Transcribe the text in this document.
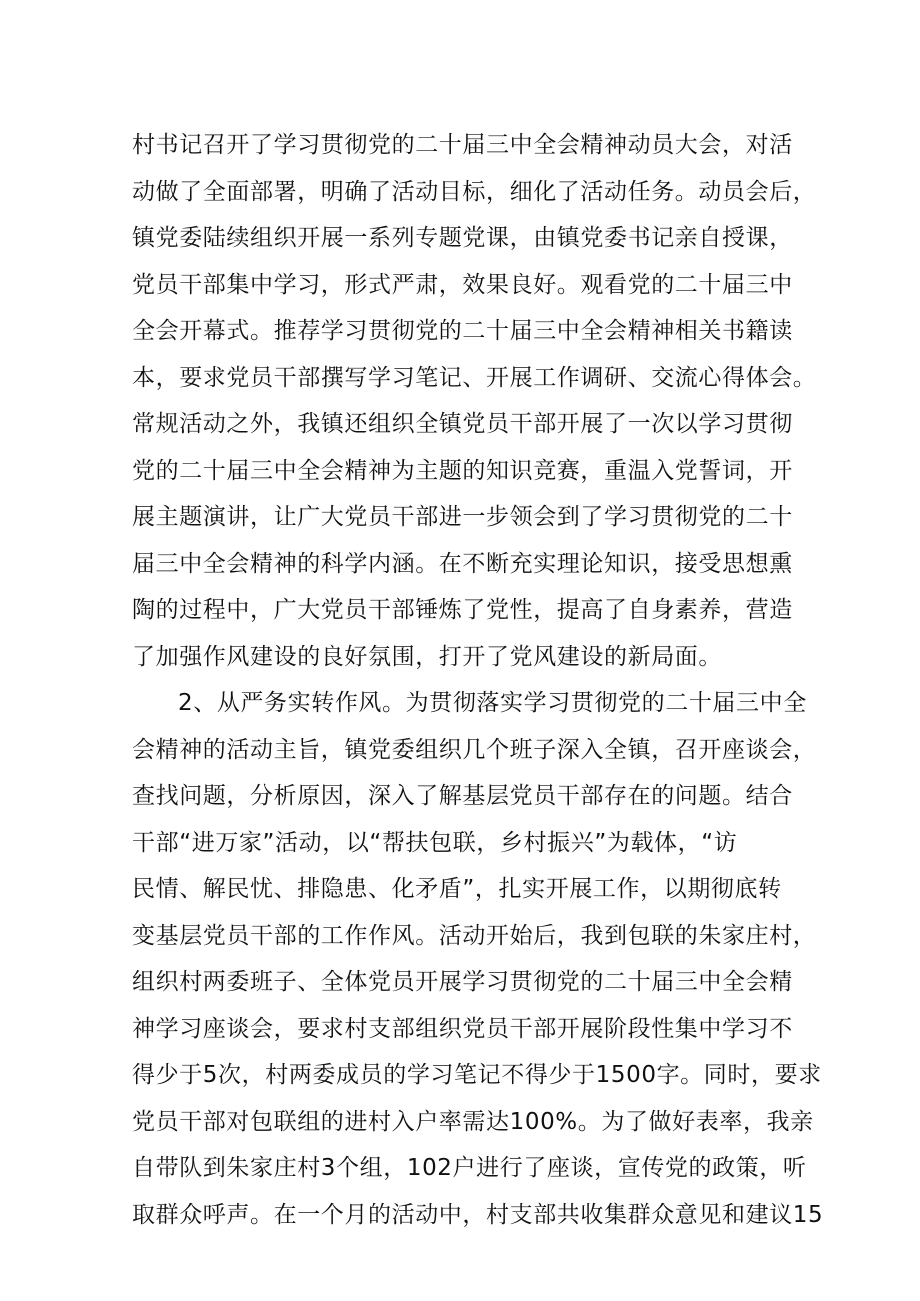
村书记召开了学习贯彻党的二十届三中全会精神动员大会，对活
动做了全面部署，明确了活动目标，细化了活动任务。动员会后，
镇党委陆续组织开展一系列专题党课，由镇党委书记亲自授课，
党员干部集中学习，形式严肃，效果良好。观看党的二十届三中
全会开幕式。推荐学习贯彻党的二十届三中全会精神相关书籍读
本，要求党员干部撰写学习笔记、开展工作调研、交流心得体会。
常规活动之外，我镇还组织全镇党员干部开展了一次以学习贯彻
党的二十届三中全会精神为主题的知识竞赛，重温入党誓词，开
展主题演讲，让广大党员干部进一步领会到了学习贯彻党的二十
届三中全会精神的科学内涵。在不断充实理论知识，接受思想熏
陶的过程中，广大党员干部锤炼了党性，提高了自身素养，营造
了加强作风建设的良好氛围，打开了党风建设的新局面。
2、从严务实转作风。为贯彻落实学习贯彻党的二十届三中全
会精神的活动主旨，镇党委组织几个班子深入全镇，召开座谈会，
查找问题，分析原因，深入了解基层党员干部存在的问题。结合
干部“进万家”活动，以“帮扶包联，乡村振兴”为载体，“访
民情、解民忧、排隐患、化矛盾”，扎实开展工作，以期彻底转
变基层党员干部的工作作风。活动开始后，我到包联的朱家庄村，
组织村两委班子、全体党员开展学习贯彻党的二十届三中全会精
神学习座谈会，要求村支部组织党员干部开展阶段性集中学习不
得少于5次，村两委成员的学习笔记不得少于1500字。同时，要求
党员干部对包联组的进村入户率需达100%。为了做好表率，我亲
自带队到朱家庄村3个组，102户进行了座谈，宣传党的政策，听
取群众呼声。在一个月的活动中，村支部共收集群众意见和建议15
